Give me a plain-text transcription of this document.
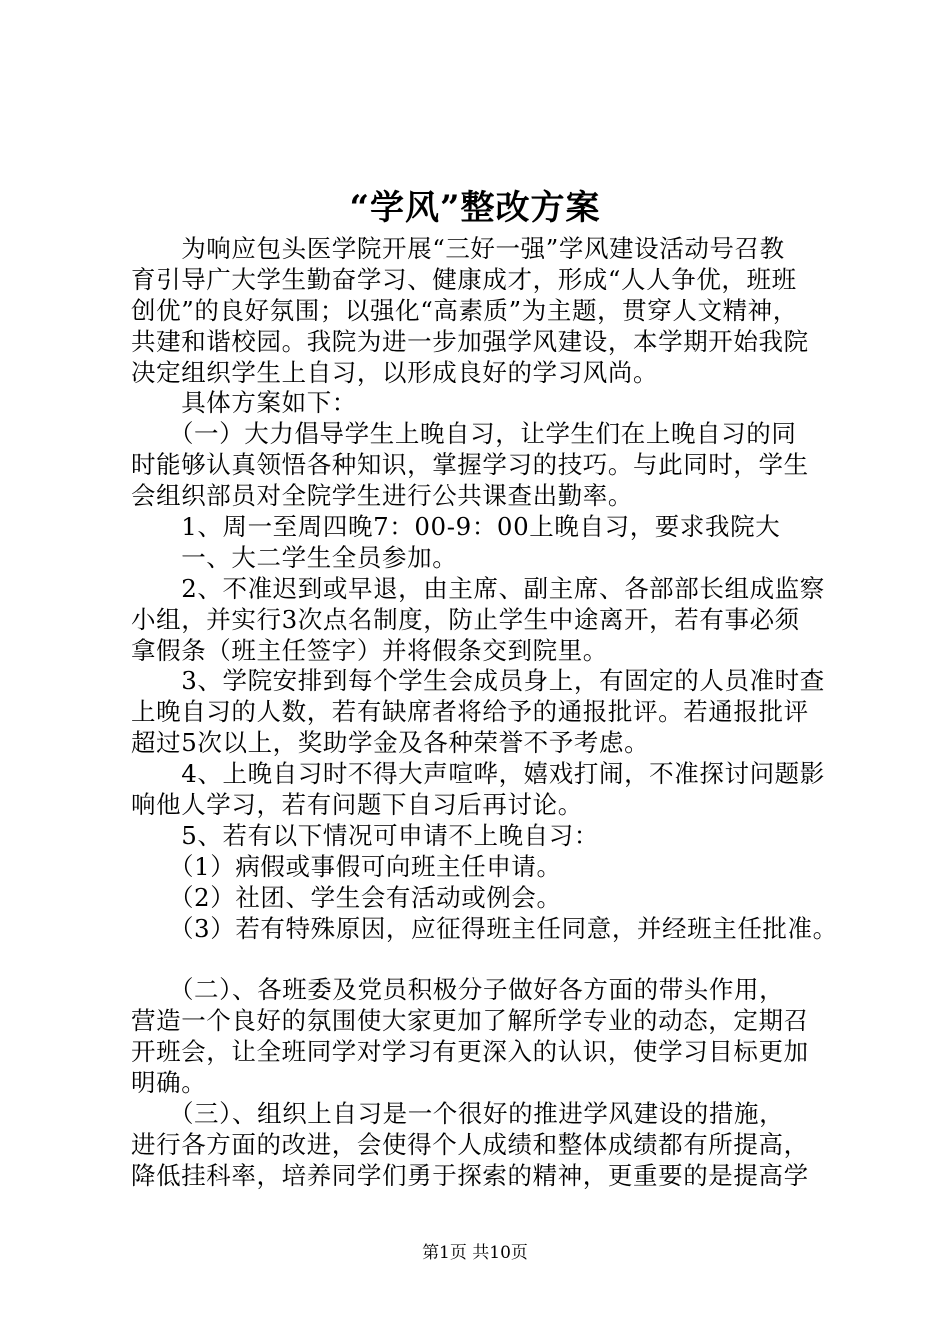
“学风”整改方案
　　为响应包头医学院开展“三好一强”学风建设活动号召教
育引导广大学生勤奋学习、健康成才，形成“人人争优，班班
创优”的良好氛围；以强化“高素质”为主题，贯穿人文精神，
共建和谐校园。我院为进一步加强学风建设，本学期开始我院
决定组织学生上自习，以形成良好的学习风尚。
　　具体方案如下：
　　（一）大力倡导学生上晚自习，让学生们在上晚自习的同
时能够认真领悟各种知识，掌握学习的技巧。与此同时，学生
会组织部员对全院学生进行公共课查出勤率。
　　1、周一至周四晚7：00-9：00上晚自习，要求我院大
　　一、大二学生全员参加。
　　2、不准迟到或早退，由主席、副主席、各部部长组成监察
小组，并实行3次点名制度，防止学生中途离开，若有事必须
拿假条（班主任签字）并将假条交到院里。
　　3、学院安排到每个学生会成员身上，有固定的人员准时查
上晚自习的人数，若有缺席者将给予的通报批评。若通报批评
超过5次以上，奖助学金及各种荣誉不予考虑。
　　4、上晚自习时不得大声喧哗，嬉戏打闹，不准探讨问题影
响他人学习，若有问题下自习后再讨论。
　　5、若有以下情况可申请不上晚自习：
　　（1）病假或事假可向班主任申请。
　　（2）社团、学生会有活动或例会。
　　（3）若有特殊原因，应征得班主任同意，并经班主任批准。
　　（二）、各班委及党员积极分子做好各方面的带头作用，
营造一个良好的氛围使大家更加了解所学专业的动态，定期召
开班会，让全班同学对学习有更深入的认识，使学习目标更加
明确。
　　（三）、组织上自习是一个很好的推进学风建设的措施，
进行各方面的改进，会使得个人成绩和整体成绩都有所提高，
降低挂科率，培养同学们勇于探索的精神，更重要的是提高学
第1页 共10页
